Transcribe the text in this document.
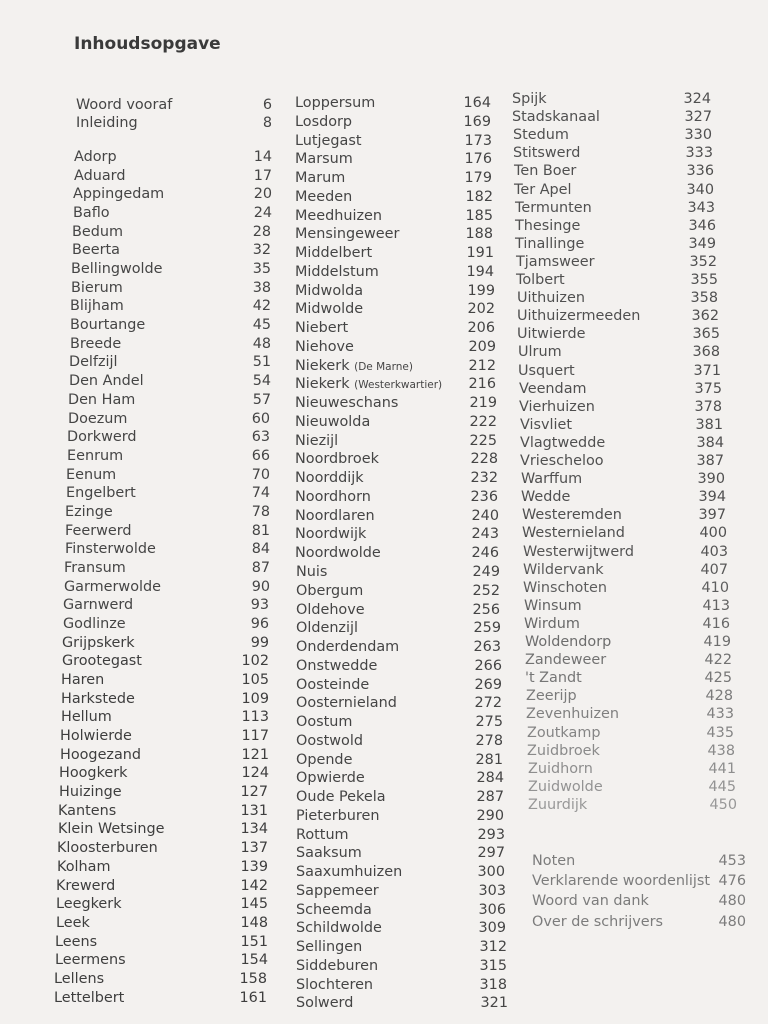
Inhoudsopgave
Woord vooraf	6
Inleiding	8
Adorp	14
Aduard	17
Appingedam	20
Baflo	24
Bedum	28
Beerta	32
Bellingwolde	35
Bierum	38
Blijham	42
Bourtange	45
Breede	48
Delfzijl	51
Den Andel	54
Den Ham	57
Doezum	60
Dorkwerd	63
Eenrum	66
Eenum	70
Engelbert	74
Ezinge	78
Feerwerd	81
Finsterwolde	84
Fransum	87
Garmerwolde	90
Garnwerd	93
Godlinze	96
Grijpskerk	99
Grootegast	102
Haren	105
Harkstede	109
Hellum	113
Holwierde	117
Hoogezand	121
Hoogkerk	124
Huizinge	127
Kantens	131
Klein Wetsinge	134
Kloosterburen	137
Kolham	139
Krewerd	142
Leegkerk	145
Leek	148
Leens	151
Leermens	154
Lellens	158
Lettelbert	161
Loppersum	164
Losdorp	169
Lutjegast	173
Marsum	176
Marum	179
Meeden	182
Meedhuizen	185
Mensingeweer	188
Middelbert	191
Middelstum	194
Midwolda	199
Midwolde	202
Niebert	206
Niehove	209
Niekerk (De Marne)	212
Niekerk (Westerkwartier)	216
Nieuweschans	219
Nieuwolda	222
Niezijl	225
Noordbroek	228
Noorddijk	232
Noordhorn	236
Noordlaren	240
Noordwijk	243
Noordwolde	246
Nuis	249
Obergum	252
Oldehove	256
Oldenzijl	259
Onderdendam	263
Onstwedde	266
Oosteinde	269
Oosternieland	272
Oostum	275
Oostwold	278
Opende	281
Opwierde	284
Oude Pekela	287
Pieterburen	290
Rottum	293
Saaksum	297
Saaxumhuizen	300
Sappemeer	303
Scheemda	306
Schildwolde	309
Sellingen	312
Siddeburen	315
Slochteren	318
Solwerd	321
Spijk	324
Stadskanaal	327
Stedum	330
Stitswerd	333
Ten Boer	336
Ter Apel	340
Termunten	343
Thesinge	346
Tinallinge	349
Tjamsweer	352
Tolbert	355
Uithuizen	358
Uithuizermeeden	362
Uitwierde	365
Ulrum	368
Usquert	371
Veendam	375
Vierhuizen	378
Visvliet	381
Vlagtwedde	384
Vriescheloo	387
Warffum	390
Wedde	394
Westeremden	397
Westernieland	400
Westerwijtwerd	403
Wildervank	407
Winschoten	410
Winsum	413
Wirdum	416
Woldendorp	419
Zandeweer	422
't Zandt	425
Zeerijp	428
Zevenhuizen	433
Zoutkamp	435
Zuidbroek	438
Zuidhorn	441
Zuidwolde	445
Zuurdijk	450
Noten	453
Verklarende woordenlijst 476
Woord van dank	480
Over de schrijvers	480
